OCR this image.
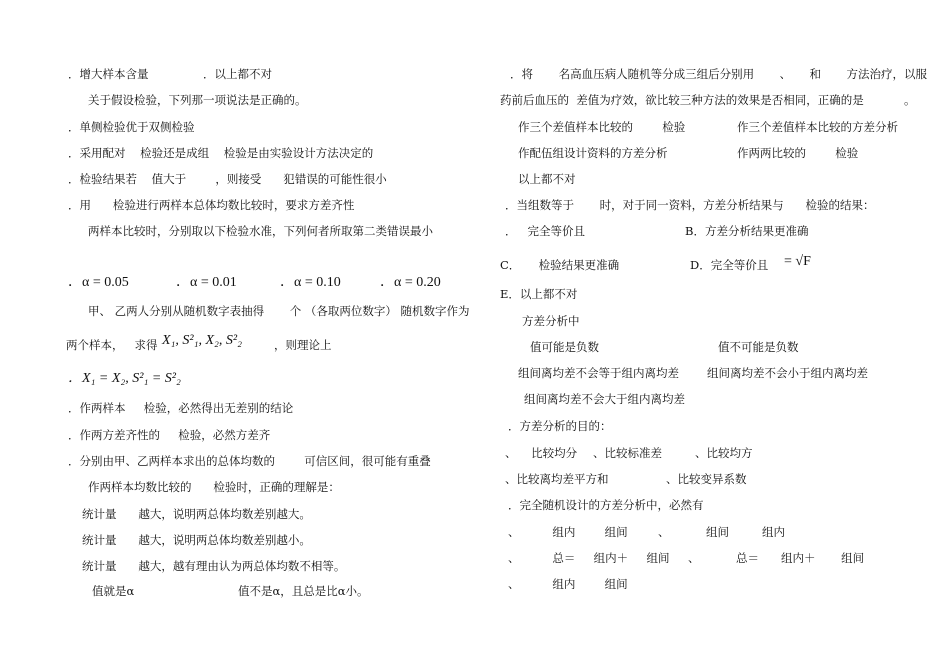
．增大样本含量	．以上都不对
关于假设检验，下列那一项说法是正确的。
．单侧检验优于双侧检验
．采用配对    检验还是成组    检验是由实验设计方法决定的
．检验结果若    值大于        ，则接受      犯错误的可能性很小
．用      检验进行两样本总体均数比较时，要求方差齐性
两样本比较时，分别取以下检验水准，下列何者所取第二类错误最小
．α = 0.05	．α = 0.01	．α = 0.10	．α = 0.20
甲、 乙两人分别从随机数字表抽得       个 （各取两位数字） 随机数字作为
两个样本，   求得 X₁, S²₁, X₂, S²₂	，则理论上
．X₁ = X₂, S²₁ = S²₂
．作两样本     检验，必然得出无差别的结论
．作两方差齐性的     检验，必然方差齐
．分别由甲、乙两样本求出的总体均数的        可信区间，很可能有重叠
作两样本均数比较的      检验时，正确的理解是：
统计量      越大，说明两总体均数差别越大。
统计量      越大，说明两总体均数差别越小。
统计量      越大，越有理由认为两总体均数不相等。
值就是α	值不是α，且总是比α小。
．将       名高血压病人随机等分成三组后分别用       、     和       方法治疗，以服
药前后血压的  差值为疗效，欲比较三种方法的效果是否相同，正确的是           。
作三个差值样本比较的        检验	作三个差值样本比较的方差分析
作配伍组设计资料的方差分析	作两两比较的        检验
以上都不对
．当组数等于       时，对于同一资料，方差分析结果与      检验的结果：
．   完全等价且	B．方差分析结果更准确
C．     检验结果更准确	D．完全等价且 = √F
E．以上都不对
方差分析中
值可能是负数	值不可能是负数
组间离均差不会等于组内离均差 组间离均差不会小于组内离均差
组间离均差不会大于组内离均差
．方差分析的目的：
、    比较均分 、比较标准差	、比较均方
、比较离均差平方和	、比较变异系数
．完全随机设计的方差分析中，必然有
、         组内        组间	、          组间         组内
、         总＝     组内＋     组间 、          总＝      组内＋       组间
、         组内        组间
